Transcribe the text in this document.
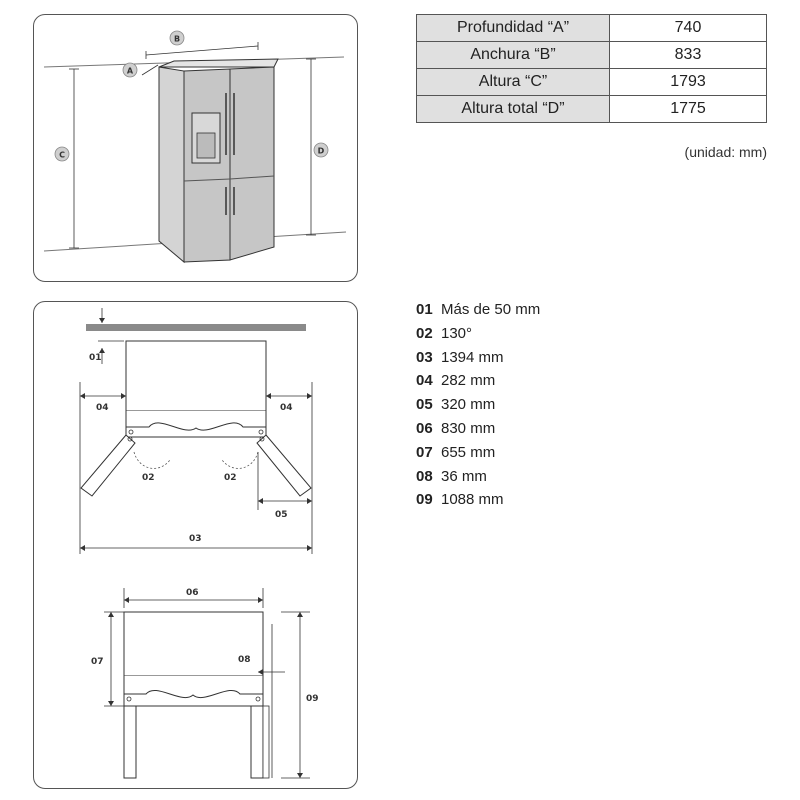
B
A
C	D
Profundidad “A”	740
Anchura “B”	833
Altura “C”	1793
Altura total “D”	1775
(unidad: mm)
01
02	02
04	04
05
03
06
07	08
09
01 Más de 50 mm
02 130°
03 1394 mm
04 282 mm
05 320 mm
06 830 mm
07 655 mm
08 36 mm
09 1088 mm
